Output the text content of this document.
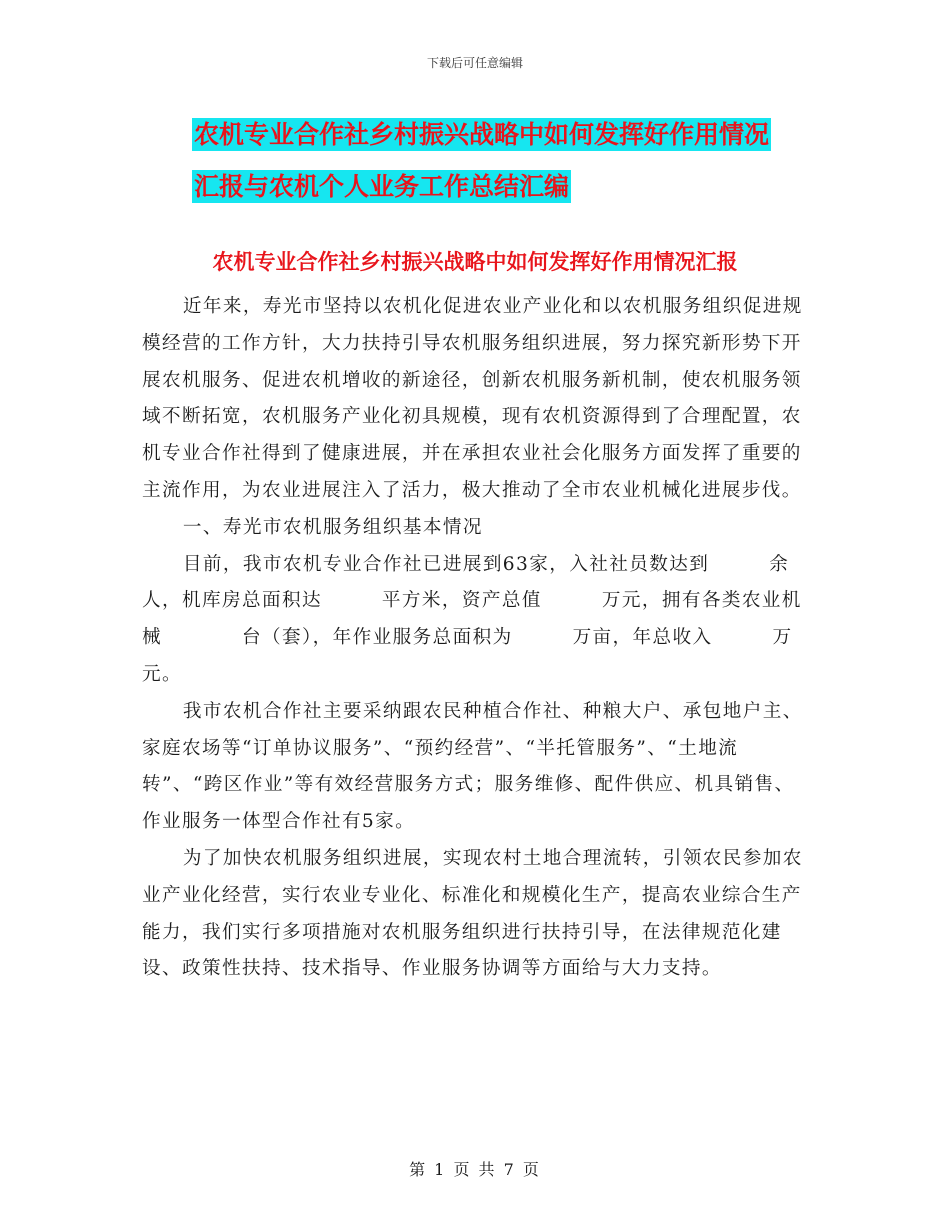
下载后可任意编辑
农机专业合作社乡村振兴战略中如何发挥好作用情况
汇报与农机个人业务工作总结汇编
农机专业合作社乡村振兴战略中如何发挥好作用情况汇报

近年来，寿光市坚持以农机化促进农业产业化和以农机服务组织促进规模经营的工作方针，大力扶持引导农机服务组织进展，努力探究新形势下开展农机服务、促进农机增收的新途径，创新农机服务新机制，使农机服务领域不断拓宽，农机服务产业化初具规模，现有农机资源得到了合理配置，农机专业合作社得到了健康进展，并在承担农业社会化服务方面发挥了重要的主流作用，为农业进展注入了活力，极大推动了全市农业机械化进展步伐。

一、寿光市农机服务组织基本情况

目前，我市农机专业合作社已进展到63家，入社社员数达到　　　余人，机库房总面积达　　　平方米，资产总值　　　万元，拥有各类农业机械　　　　台（套），年作业服务总面积为　　　万亩，年总收入　　　万元。

我市农机合作社主要采纳跟农民种植合作社、种粮大户、承包地户主、家庭农场等“订单协议服务”、“预约经营”、“半托管服务”、“土地流转”、“跨区作业”等有效经营服务方式；服务维修、配件供应、机具销售、作业服务一体型合作社有5家。

为了加快农机服务组织进展，实现农村土地合理流转，引领农民参加农业产业化经营，实行农业专业化、标准化和规模化生产，提高农业综合生产能力，我们实行多项措施对农机服务组织进行扶持引导，在法律规范化建设、政策性扶持、技术指导、作业服务协调等方面给与大力支持。

第 1 页 共 7 页
